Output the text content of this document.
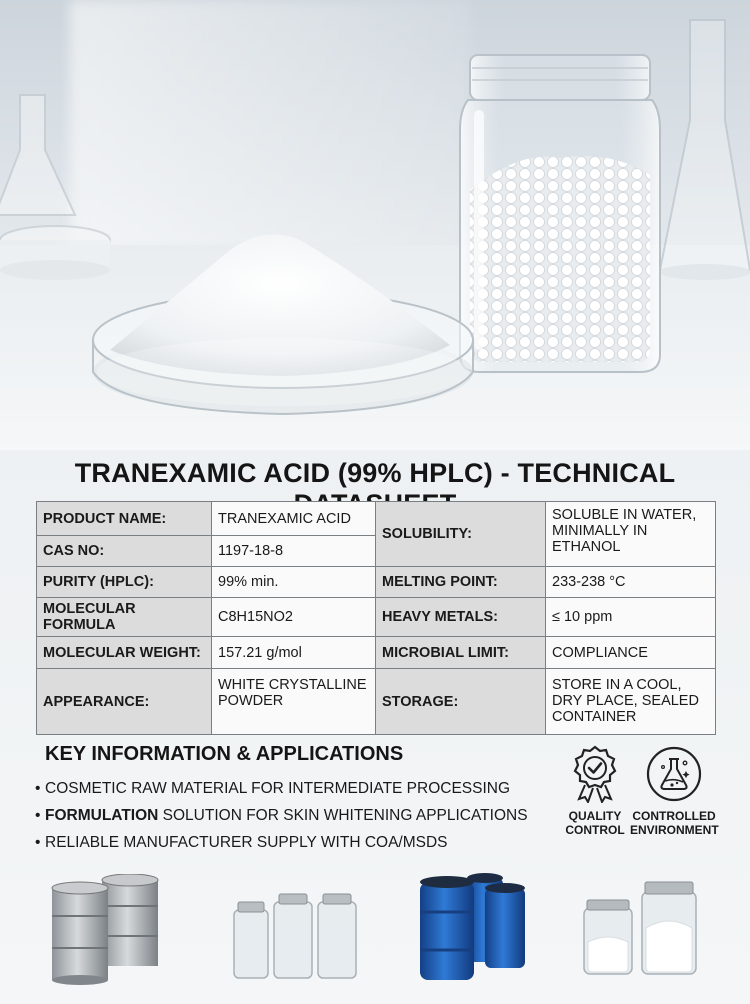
TRANEXAMIC ACID (99% HPLC) - TECHNICAL
PRODUCT NAME:	TRANEXAMIC ACID	SOLUBILITY:	SOLUBLE IN WATER, MINIMALLY IN ETHANOL
CAS NO:	1197-18-8		
PURITY (HPLC):	99% min.	MELTING POINT:	233-238 °C
MOLECULAR FORMULA	C8H15NO2	HEAVY METALS:	≤ 10 ppm
MOLECULAR WEIGHT:	157.21 g/mol	MICROBIAL LIMIT:	COMPLIANCE
APPEARANCE:	WHITE CRYSTALLINE POWDER	STORAGE:	STORE IN A COOL, DRY PLACE, SEALED CONTAINER
KEY INFORMATION & APPLICATIONS
• COSMETIC RAW MATERIAL FOR INTERMEDIATE PROCESSING
• FORMULATION SOLUTION FOR SKIN WHITENING APPLICATIONS
• RELIABLE MANUFACTURER SUPPLY WITH COA/MSDS
QUALITY
CONTROL
CONTROLLED
ENVIRONMENT
